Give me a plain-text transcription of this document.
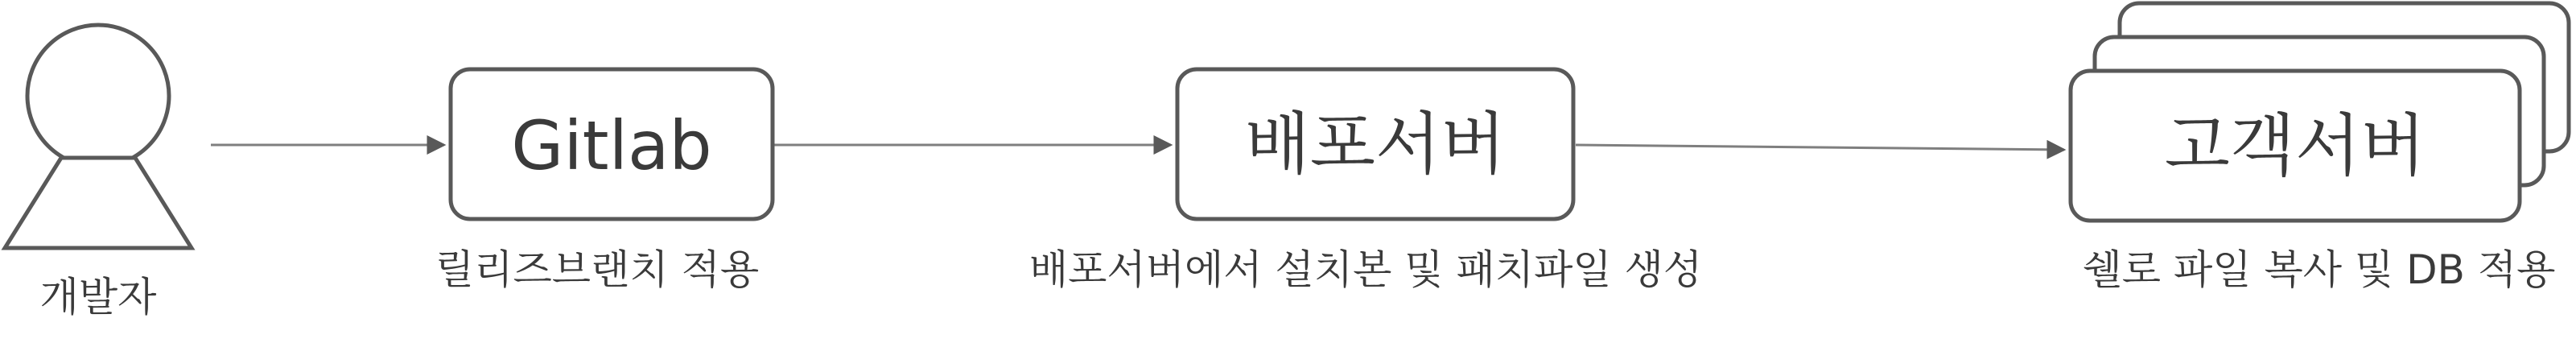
개발자
Gitlab
릴리즈브랜치 적용
배포서버
배포서버에서 설치본 및 패치파일 생성
고객서버
쉘로 파일 복사 및 DB 적용
